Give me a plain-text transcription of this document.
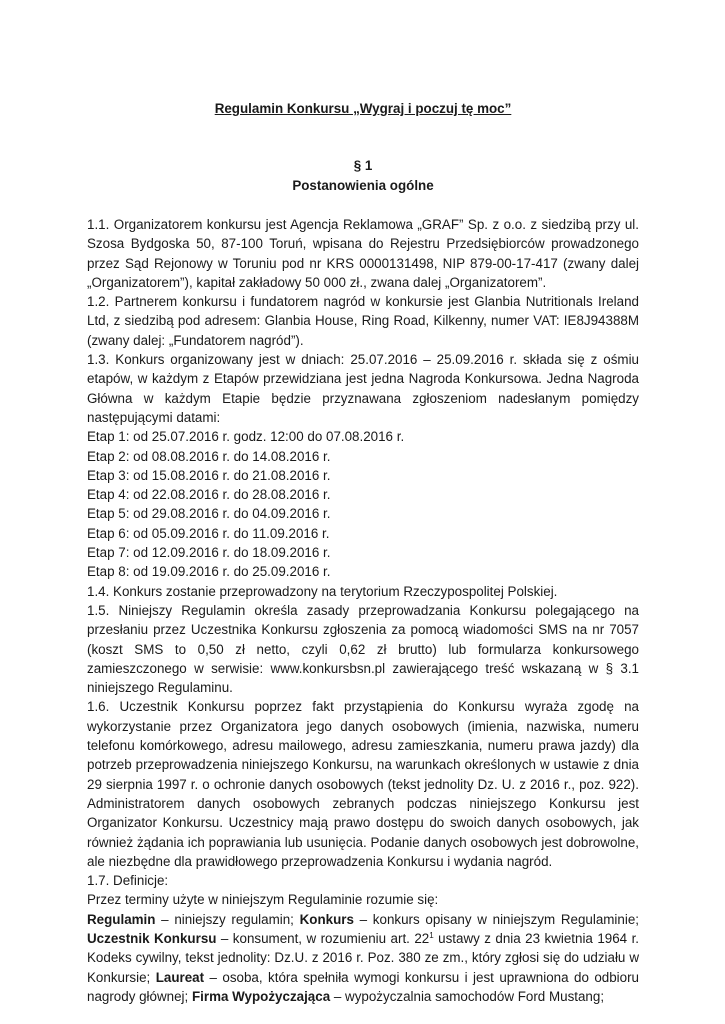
Regulamin Konkursu „Wygraj i poczuj tę moc”

§ 1

Postanowienia ogólne

1.1. Organizatorem konkursu jest Agencja Reklamowa „GRAF” Sp. z o.o. z siedzibą przy ul. Szosa Bydgoska 50, 87-100 Toruń, wpisana do Rejestru Przedsiębiorców prowadzonego przez Sąd Rejonowy w Toruniu pod nr KRS 0000131498, NIP 879-00-17-417 (zwany dalej „Organizatorem”), kapitał zakładowy 50 000 zł., zwana dalej „Organizatorem”.

1.2. Partnerem konkursu i fundatorem nagród w konkursie jest Glanbia Nutritionals Ireland Ltd, z siedzibą pod adresem: Glanbia House, Ring Road, Kilkenny, numer VAT: IE8J94388M (zwany dalej: „Fundatorem nagród”).

1.3. Konkurs organizowany jest w dniach: 25.07.2016 – 25.09.2016 r. składa się z ośmiu etapów, w każdym z Etapów przewidziana jest jedna Nagroda Konkursowa. Jedna Nagroda Główna w każdym Etapie będzie przyznawana zgłoszeniom nadesłanym pomiędzy następującymi datami:

Etap 1: od 25.07.2016 r. godz. 12:00 do 07.08.2016 r.

Etap 2: od 08.08.2016 r. do 14.08.2016 r.

Etap 3: od 15.08.2016 r. do 21.08.2016 r.

Etap 4: od 22.08.2016 r. do 28.08.2016 r.

Etap 5: od 29.08.2016 r. do 04.09.2016 r.

Etap 6: od 05.09.2016 r. do 11.09.2016 r.

Etap 7: od 12.09.2016 r. do 18.09.2016 r.

Etap 8: od 19.09.2016 r. do 25.09.2016 r.

1.4. Konkurs zostanie przeprowadzony na terytorium Rzeczypospolitej Polskiej.

1.5. Niniejszy Regulamin określa zasady przeprowadzania Konkursu polegającego na przesłaniu przez Uczestnika Konkursu zgłoszenia za pomocą wiadomości SMS na nr 7057 (koszt SMS to 0,50 zł netto, czyli 0,62 zł brutto) lub formularza konkursowego zamieszczonego w serwisie: www.konkursbsn.pl zawierającego treść wskazaną w § 3.1 niniejszego Regulaminu.

1.6. Uczestnik Konkursu poprzez fakt przystąpienia do Konkursu wyraża zgodę na wykorzystanie przez Organizatora jego danych osobowych (imienia, nazwiska, numeru telefonu komórkowego, adresu mailowego, adresu zamieszkania, numeru prawa jazdy) dla potrzeb przeprowadzenia niniejszego Konkursu, na warunkach określonych w ustawie z dnia 29 sierpnia 1997 r. o ochronie danych osobowych (tekst jednolity Dz. U. z 2016 r., poz. 922). Administratorem danych osobowych zebranych podczas niniejszego Konkursu jest Organizator Konkursu. Uczestnicy mają prawo dostępu do swoich danych osobowych, jak również żądania ich poprawiania lub usunięcia. Podanie danych osobowych jest dobrowolne, ale niezbędne dla prawidłowego przeprowadzenia Konkursu i wydania nagród.

1.7. Definicje:

Przez terminy użyte w niniejszym Regulaminie rozumie się:

Regulamin – niniejszy regulamin; Konkurs – konkurs opisany w niniejszym Regulaminie; Uczestnik Konkursu – konsument, w rozumieniu art. $22^1$ ustawy z dnia 23 kwietnia 1964 r. Kodeks cywilny, tekst jednolity: Dz.U. z 2016 r. Poz. 380 ze zm., który zgłosi się do udziału w Konkursie; Laureat – osoba, która spełniła wymogi konkursu i jest uprawniona do odbioru nagrody głównej; Firma Wypożyczająca – wypożyczalnia samochodów Ford Mustang;
